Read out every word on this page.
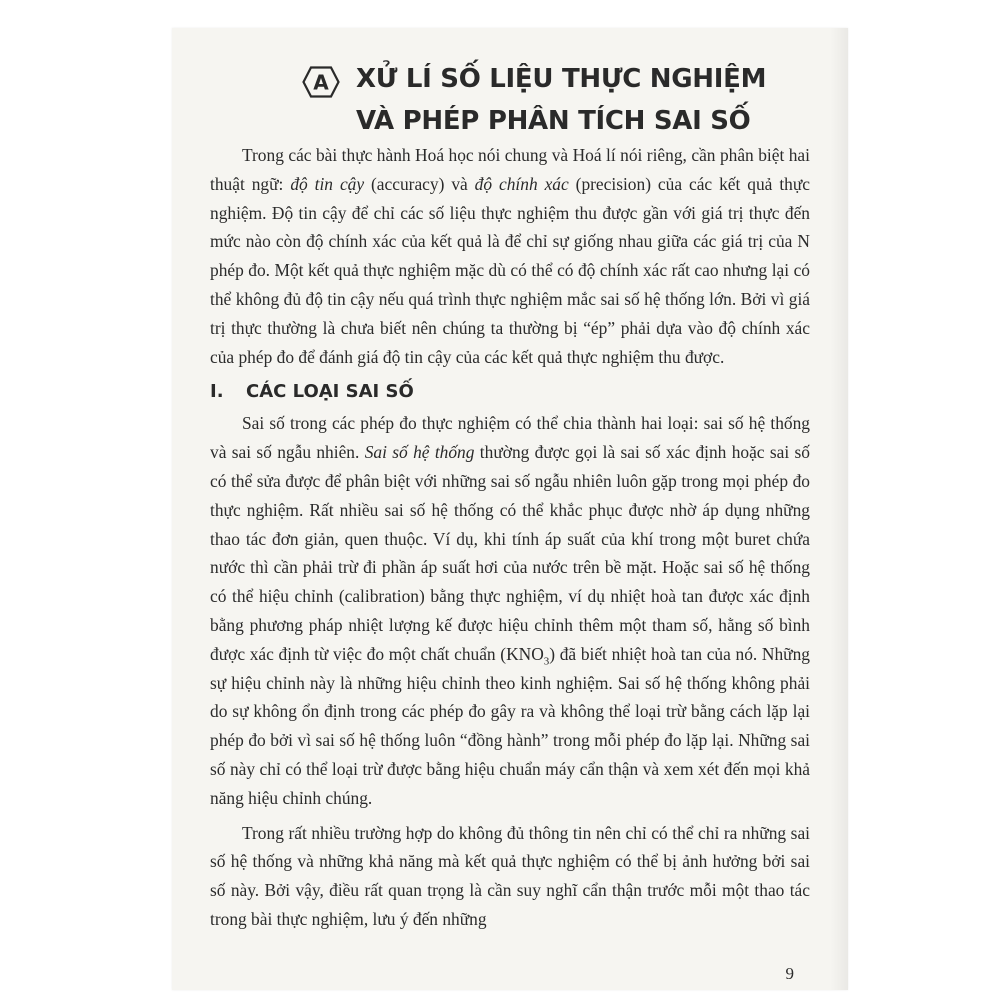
A XỬ LÍ SỐ LIỆU THỰC NGHIỆM
VÀ PHÉP PHÂN TÍCH SAI SỐ

Trong các bài thực hành Hoá học nói chung và Hoá lí nói riêng, cần phân biệt hai thuật ngữ: độ tin cậy (accuracy) và độ chính xác (precision) của các kết quả thực nghiệm. Độ tin cậy để chỉ các số liệu thực nghiệm thu được gần với giá trị thực đến mức nào còn độ chính xác của kết quả là để chỉ sự giống nhau giữa các giá trị của N phép đo. Một kết quả thực nghiệm mặc dù có thể có độ chính xác rất cao nhưng lại có thể không đủ độ tin cậy nếu quá trình thực nghiệm mắc sai số hệ thống lớn. Bởi vì giá trị thực thường là chưa biết nên chúng ta thường bị “ép” phải dựa vào độ chính xác của phép đo để đánh giá độ tin cậy của các kết quả thực nghiệm thu được.

I. CÁC LOẠI SAI SỐ

Sai số trong các phép đo thực nghiệm có thể chia thành hai loại: sai số hệ thống và sai số ngẫu nhiên. Sai số hệ thống thường được gọi là sai số xác định hoặc sai số có thể sửa được để phân biệt với những sai số ngẫu nhiên luôn gặp trong mọi phép đo thực nghiệm. Rất nhiều sai số hệ thống có thể khắc phục được nhờ áp dụng những thao tác đơn giản, quen thuộc. Ví dụ, khi tính áp suất của khí trong một buret chứa nước thì cần phải trừ đi phần áp suất hơi của nước trên bề mặt. Hoặc sai số hệ thống có thể hiệu chỉnh (calibration) bằng thực nghiệm, ví dụ nhiệt hoà tan được xác định bằng phương pháp nhiệt lượng kế được hiệu chỉnh thêm một tham số, hằng số bình được xác định từ việc đo một chất chuẩn $(KNO_3)$ đã biết nhiệt hoà tan của nó. Những sự hiệu chỉnh này là những hiệu chỉnh theo kinh nghiệm. Sai số hệ thống không phải do sự không ổn định trong các phép đo gây ra và không thể loại trừ bằng cách lặp lại phép đo bởi vì sai số hệ thống luôn “đồng hành” trong mỗi phép đo lặp lại. Những sai số này chỉ có thể loại trừ được bằng hiệu chuẩn máy cẩn thận và xem xét đến mọi khả năng hiệu chỉnh chúng.

Trong rất nhiều trường hợp do không đủ thông tin nên chỉ có thể chỉ ra những sai số hệ thống và những khả năng mà kết quả thực nghiệm có thể bị ảnh hưởng bởi sai số này. Bởi vậy, điều rất quan trọng là cần suy nghĩ cẩn thận trước mỗi một thao tác trong bài thực nghiệm, lưu ý đến những

9
